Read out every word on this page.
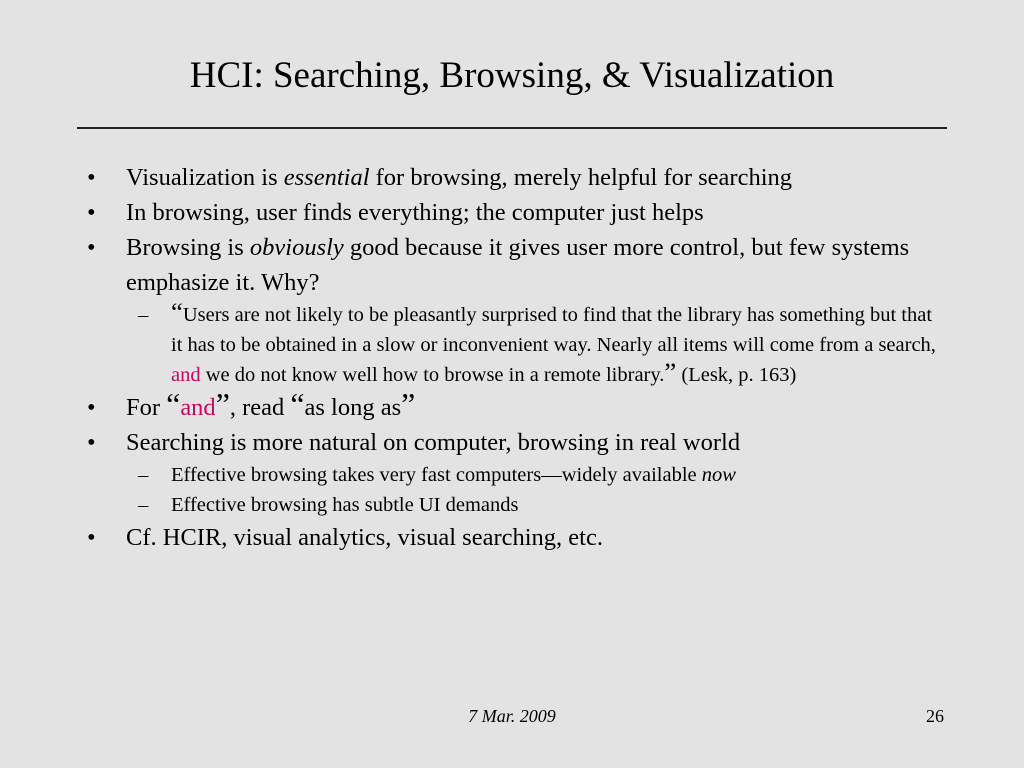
HCI: Searching, Browsing, & Visualization
• Visualization is essential for browsing, merely helpful for searching
• In browsing, user finds everything; the computer just helps
• Browsing is obviously good because it gives user more control, but few systems emphasize it. Why?
– “Users are not likely to be pleasantly surprised to find that the library has something but that it has to be obtained in a slow or inconvenient way. Nearly all items will come from a search, and we do not know well how to browse in a remote library.” (Lesk, p. 163)
• For “and”, read “as long as”
• Searching is more natural on computer, browsing in real world
– Effective browsing takes very fast computers—widely available now
– Effective browsing has subtle UI demands
• Cf. HCIR, visual analytics, visual searching, etc.
7 Mar. 2009	26
